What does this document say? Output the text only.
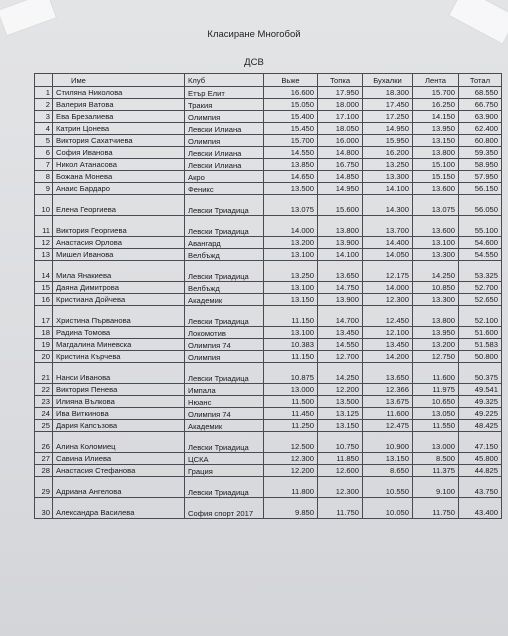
Класиране Многобой
ДСВ
	Име	Клуб	Вьже	Топка	Бухалки	Лента	Тотал
1	Стиляна Николова	Етър Елит	16.600	17.950	18.300	15.700	68.550
2	Валерия Ватова	Тракия	15.050	18.000	17.450	16.250	66.750
3	Ева Брезалиева	Олимпия	15.400	17.100	17.250	14.150	63.900
4	Катрин Цонева	Левски Илиана	15.450	18.050	14.950	13.950	62.400
5	Виктория Сахатчиева	Олимпия	15.700	16.000	15.950	13.150	60.800
6	София Иванова	Левски Илиана	14.550	14.800	16.200	13.800	59.350
7	Никол Атанасова	Левски Илиана	13.850	16.750	13.250	15.100	58.950
8	Божана Монева	Акро	14.650	14.850	13.300	15.150	57.950
9	Анаис Бардаро	Феникс	13.500	14.950	14.100	13.600	56.150
10	Елена Георгиева	Левски Триадица	13.075	15.600	14.300	13.075	56.050
11	Виктория Георгиева	Левски Триадица	14.000	13.800	13.700	13.600	55.100
12	Анастасия Орлова	Авангард	13.200	13.900	14.400	13.100	54.600
13	Мишел Иванова	Велбъжд	13.100	14.100	14.050	13.300	54.550
14	Мила Янакиева	Левски Триадица	13.250	13.650	12.175	14.250	53.325
15	Даяна Димитрова	Велбъжд	13.100	14.750	14.000	10.850	52.700
16	Кристиана Дойчева	Академик	13.150	13.900	12.300	13.300	52.650
17	Христина Първанова	Левски Триадица	11.150	14.700	12.450	13.800	52.100
18	Радина Томова	Локомотив	13.100	13.450	12.100	13.950	51.600
19	Магдалина Миневска	Олимпия 74	10.383	14.550	13.450	13.200	51.583
20	Кристина Кърчева	Олимпия	11.150	12.700	14.200	12.750	50.800
21	Нанси Иванова	Левски Триадица	10.875	14.250	13.650	11.600	50.375
22	Виктория Пенева	Импала	13.000	12.200	12.366	11.975	49.541
23	Илияна Вълкова	Нюанс	11.500	13.500	13.675	10.650	49.325
24	Ива Виткинова	Олимпия 74	11.450	13.125	11.600	13.050	49.225
25	Дария Капсъзова	Академик	11.250	13.150	12.475	11.550	48.425
26	Алина Коломиец	Левски Триадица	12.500	10.750	10.900	13.000	47.150
27	Савина Илиева	ЦСКА	12.300	11.850	13.150	8.500	45.800
28	Анастасия Стефанова	Грация	12.200	12.600	8.650	11.375	44.825
29	Адриана Ангелова	Левски Триадица	11.800	12.300	10.550	9.100	43.750
30	Александра Василева	София спорт 2017	9.850	11.750	10.050	11.750	43.400
